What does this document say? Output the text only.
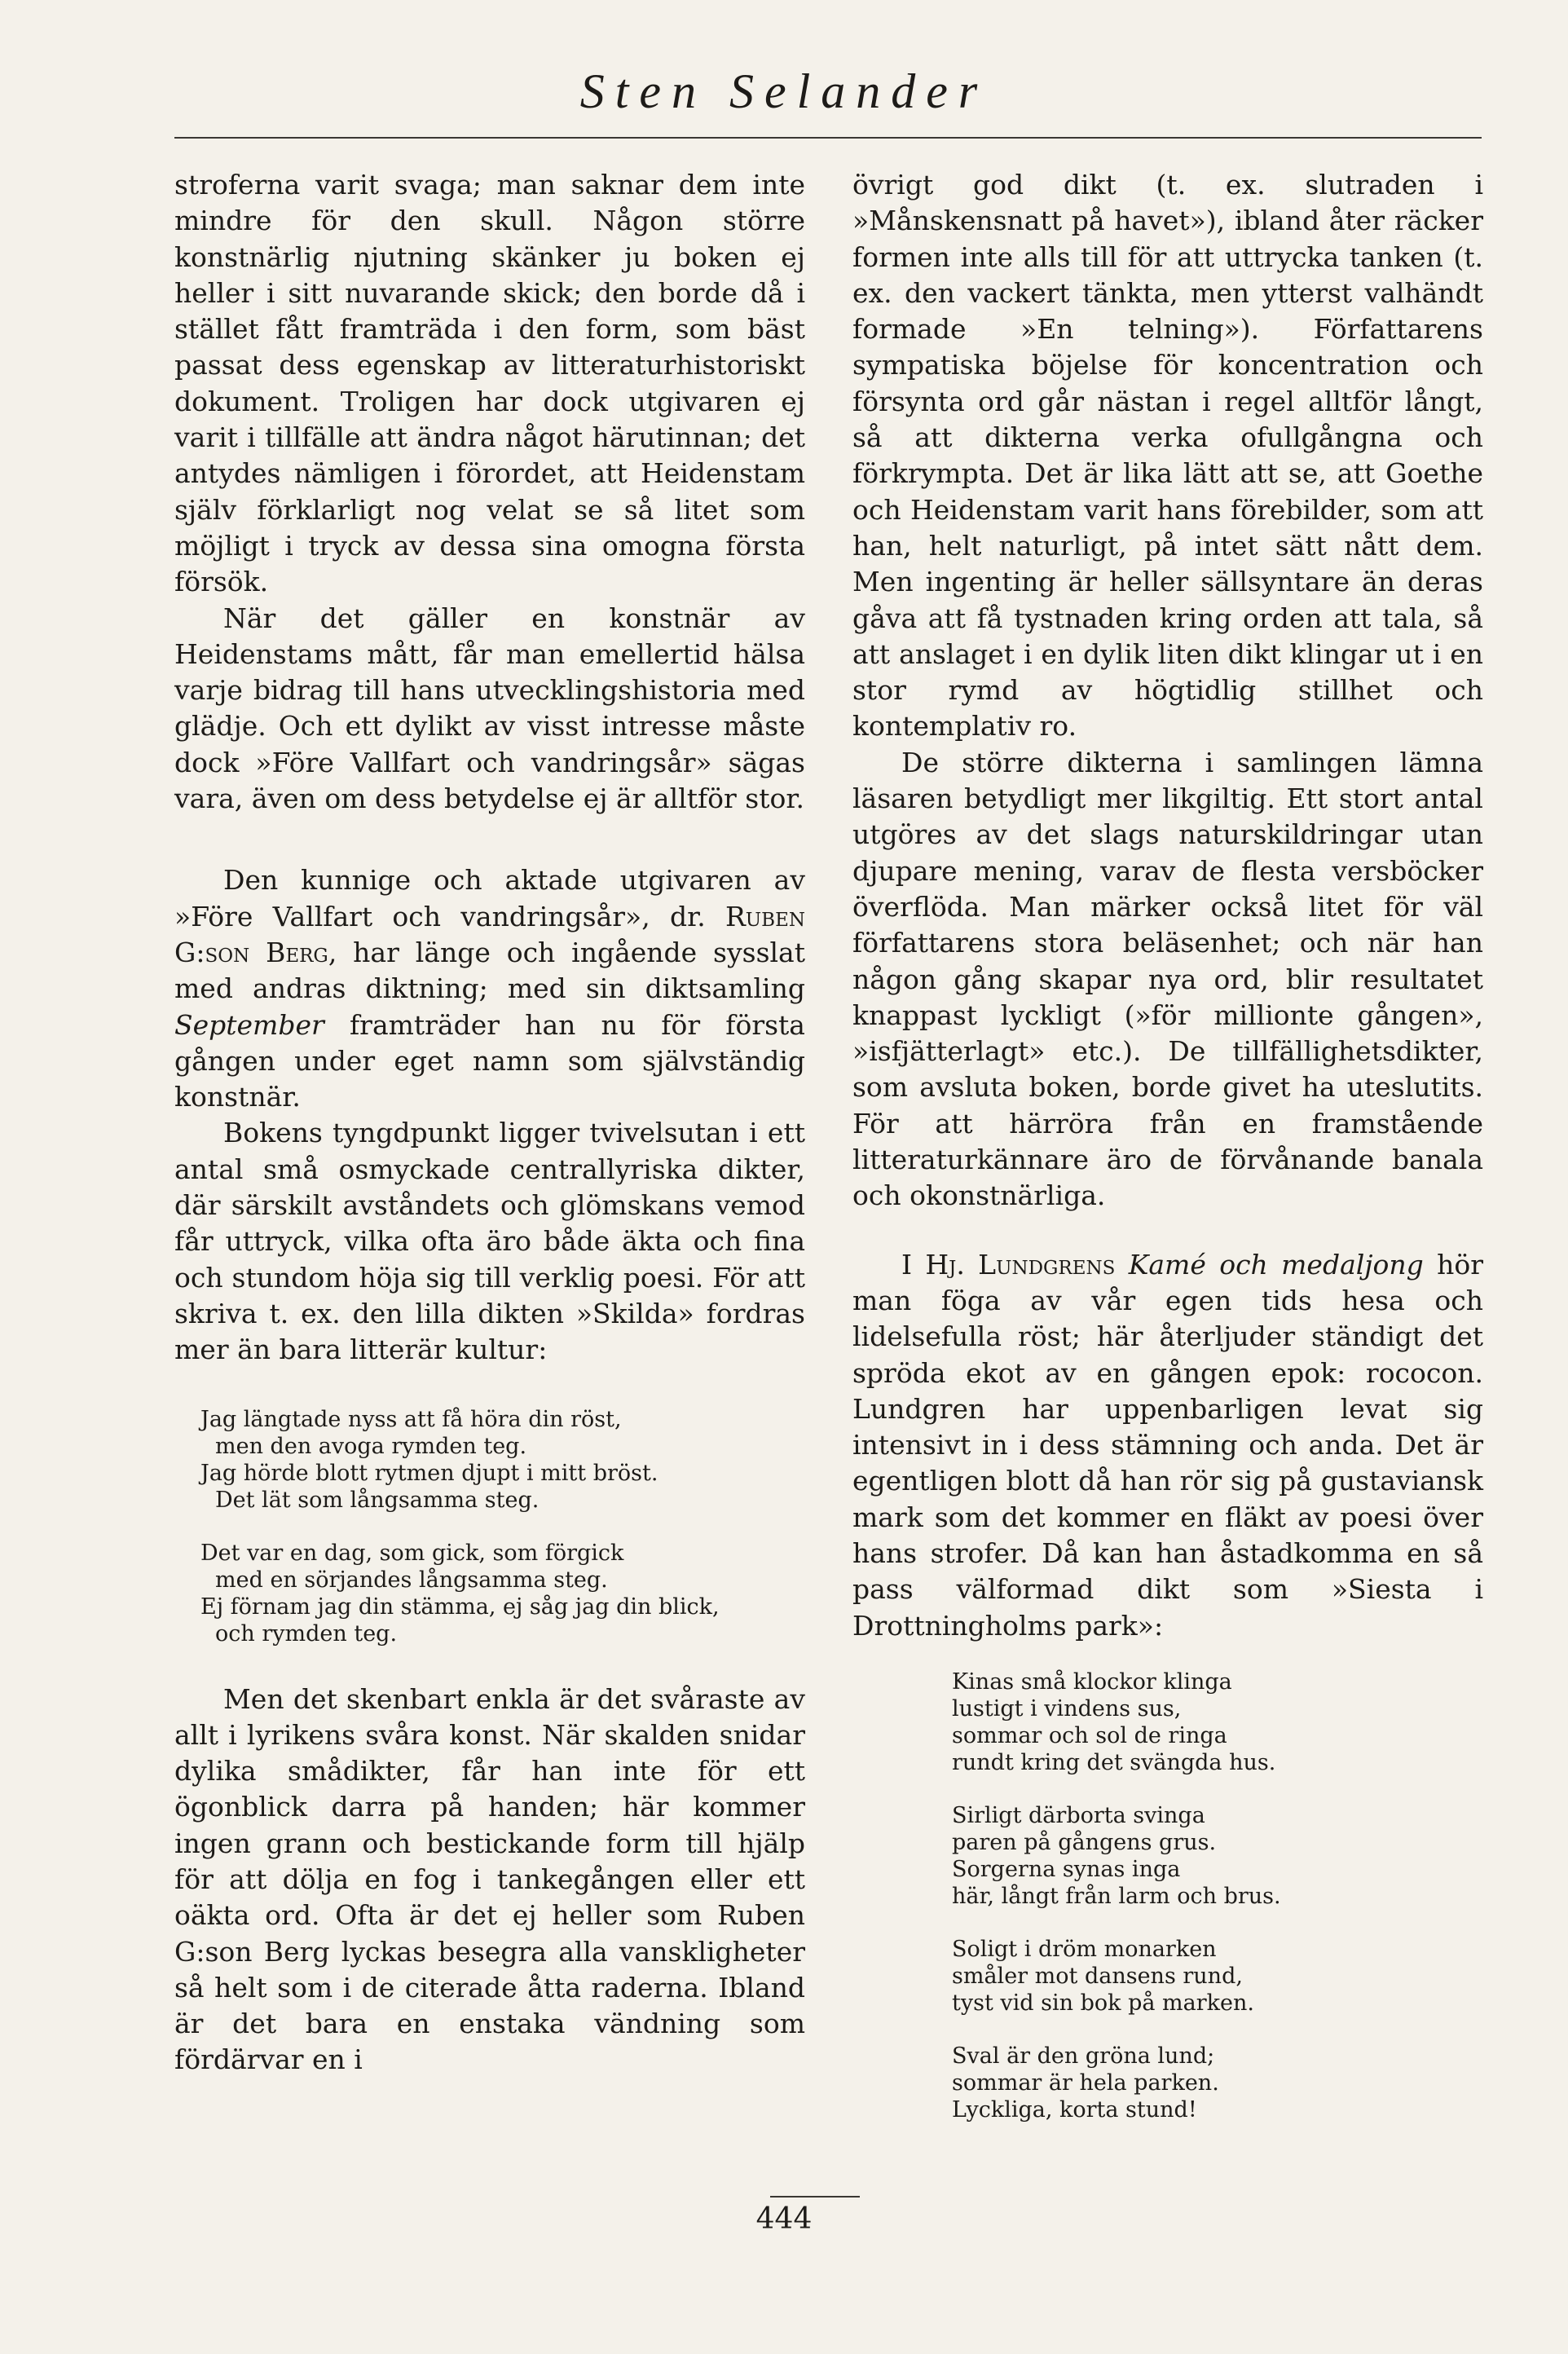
Sten Selander

stroferna varit svaga; man saknar dem inte mindre för den skull. Någon större konstnärlig njutning skänker ju boken ej heller i sitt nuvarande skick; den borde då i stället fått framträda i den form, som bäst passat dess egenskap av litteraturhistoriskt dokument. Troligen har dock utgivaren ej varit i tillfälle att ändra något härutinnan; det antydes nämligen i förordet, att Heidenstam själv förklarligt nog velat se så litet som möjligt i tryck av dessa sina omogna första försök.

När det gäller en konstnär av Heidenstams mått, får man emellertid hälsa varje bidrag till hans utvecklingshistoria med glädje. Och ett dylikt av visst intresse måste dock »Före Vallfart och vandringsår» sägas vara, även om dess betydelse ej är alltför stor.

Den kunnige och aktade utgivaren av »Före Vallfart och vandringsår», dr. Ruben G:son Berg, har länge och ingående sysslat med andras diktning; med sin diktsamling September framträder han nu för första gången under eget namn som självständig konstnär.

Bokens tyngdpunkt ligger tvivelsutan i ett antal små osmyckade centrallyriska dikter, där särskilt avståndets och glömskans vemod får uttryck, vilka ofta äro både äkta och fina och stundom höja sig till verklig poesi. För att skriva t. ex. den lilla dikten »Skilda» fordras mer än bara litterär kultur:

Jag längtade nyss att få höra din röst,
men den avoga rymden teg.
Jag hörde blott rytmen djupt i mitt bröst.
Det lät som långsamma steg.
Det var en dag, som gick, som förgick
med en sörjandes långsamma steg.
Ej förnam jag din stämma, ej såg jag din blick,
och rymden teg.

Men det skenbart enkla är det svåraste av allt i lyrikens svåra konst. När skalden snidar dylika smådikter, får han inte för ett ögonblick darra på handen; här kommer ingen grann och bestickande form till hjälp för att dölja en fog i tankegången eller ett oäkta ord. Ofta är det ej heller som Ruben G:son Berg lyckas besegra alla vanskligheter så helt som i de citerade åtta raderna. Ibland är det bara en enstaka vändning som fördärvar en i

övrigt god dikt (t. ex. slutraden i »Månskensnatt på havet»), ibland åter räcker formen inte alls till för att uttrycka tanken (t. ex. den vackert tänkta, men ytterst valhändt formade »En telning»). Författarens sympatiska böjelse för koncentration och försynta ord går nästan i regel alltför långt, så att dikterna verka ofullgångna och förkrympta. Det är lika lätt att se, att Goethe och Heidenstam varit hans förebilder, som att han, helt naturligt, på intet sätt nått dem. Men ingenting är heller sällsyntare än deras gåva att få tystnaden kring orden att tala, så att anslaget i en dylik liten dikt klingar ut i en stor rymd av högtidlig stillhet och kontemplativ ro.

De större dikterna i samlingen lämna läsaren betydligt mer likgiltig. Ett stort antal utgöres av det slags naturskildringar utan djupare mening, varav de flesta versböcker överflöda. Man märker också litet för väl författarens stora beläsenhet; och när han någon gång skapar nya ord, blir resultatet knappast lyckligt (»för millionte gången», »isfjätterlagt» etc.). De tillfällighetsdikter, som avsluta boken, borde givet ha uteslutits. För att härröra från en framstående litteraturkännare äro de förvånande banala och okonstnärliga.

I Hj. Lundgrens Kamé och medaljong hör man föga av vår egen tids hesa och lidelsefulla röst; här återljuder ständigt det spröda ekot av en gången epok: rococon. Lundgren har uppenbarligen levat sig intensivt in i dess stämning och anda. Det är egentligen blott då han rör sig på gustaviansk mark som det kommer en fläkt av poesi över hans strofer. Då kan han åstadkomma en så pass välformad dikt som »Siesta i Drottningholms park»:

Kinas små klockor klinga
lustigt i vindens sus,
sommar och sol de ringa
rundt kring det svängda hus.
Sirligt därborta svinga
paren på gångens grus.
Sorgerna synas inga
här, långt från larm och brus.
Soligt i dröm monarken
småler mot dansens rund,
tyst vid sin bok på marken.
Sval är den gröna lund;
sommar är hela parken.
Lyckliga, korta stund!
444
